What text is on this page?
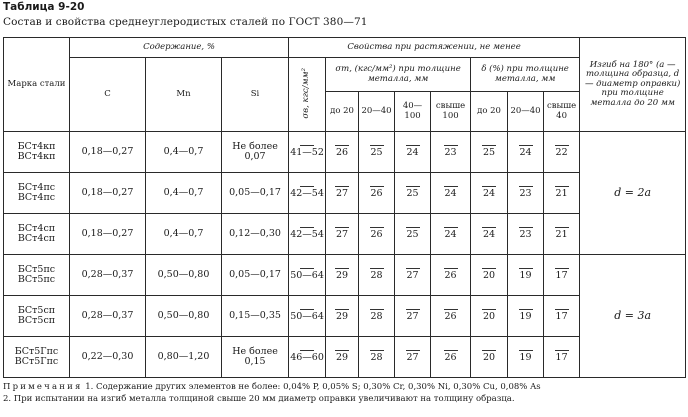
Таблица 9-20
Состав и свойства среднеуглеродистых сталей по ГОСТ 380—71
Марка стали	Содержание, %			Свойства при растяжении, не менее								Изгиб на 180° (a — толщина образца, d — диаметр оправки) при толщине металла до 20 мм
	C	Mn	Si	σв, кгс/мм²	σт, (кгс/мм²) при толщине металла, мм				δ (%) при толщине металла, мм			
					до 20	20—40	40—100	свыше 100	до 20	20—40	свыше 40	

БСт4кп
ВСт4кп	0,18—0,27	0,4—0,7	Не более 0,07	41—52	26	25	24	23	25	24	22	d = 2a

БСт4пс
ВСт4пс	0,18—0,27	0,4—0,7	0,05—0,17	42—54	27	26	25	24	24	23	21	

БСт4сп
ВСт4сп	0,18—0,27	0,4—0,7	0,12—0,30	42—54	27	26	25	24	24	23	21	

БСт5пс
ВСт5пс	0,28—0,37	0,50—0,80	0,05—0,17	50—64	29	28	27	26	20	19	17	d = 3a

БСт5сп
ВСт5сп	0,28—0,37	0,50—0,80	0,15—0,35	50—64	29	28	27	26	20	19	17	

БСт5Гпс
ВСт5Гпс	0,22—0,30	0,80—1,20	Не более 0,15	46—60	29	28	27	26	20	19	17	
Примечания 1. Содержание других элементов не более: 0,04% P, 0,05% S; 0,30% Cr, 0,30% Ni, 0,30% Cu, 0,08% As
2. При испытании на изгиб металла толщиной свыше 20 мм диаметр оправки увеличивают на толщину образца.
